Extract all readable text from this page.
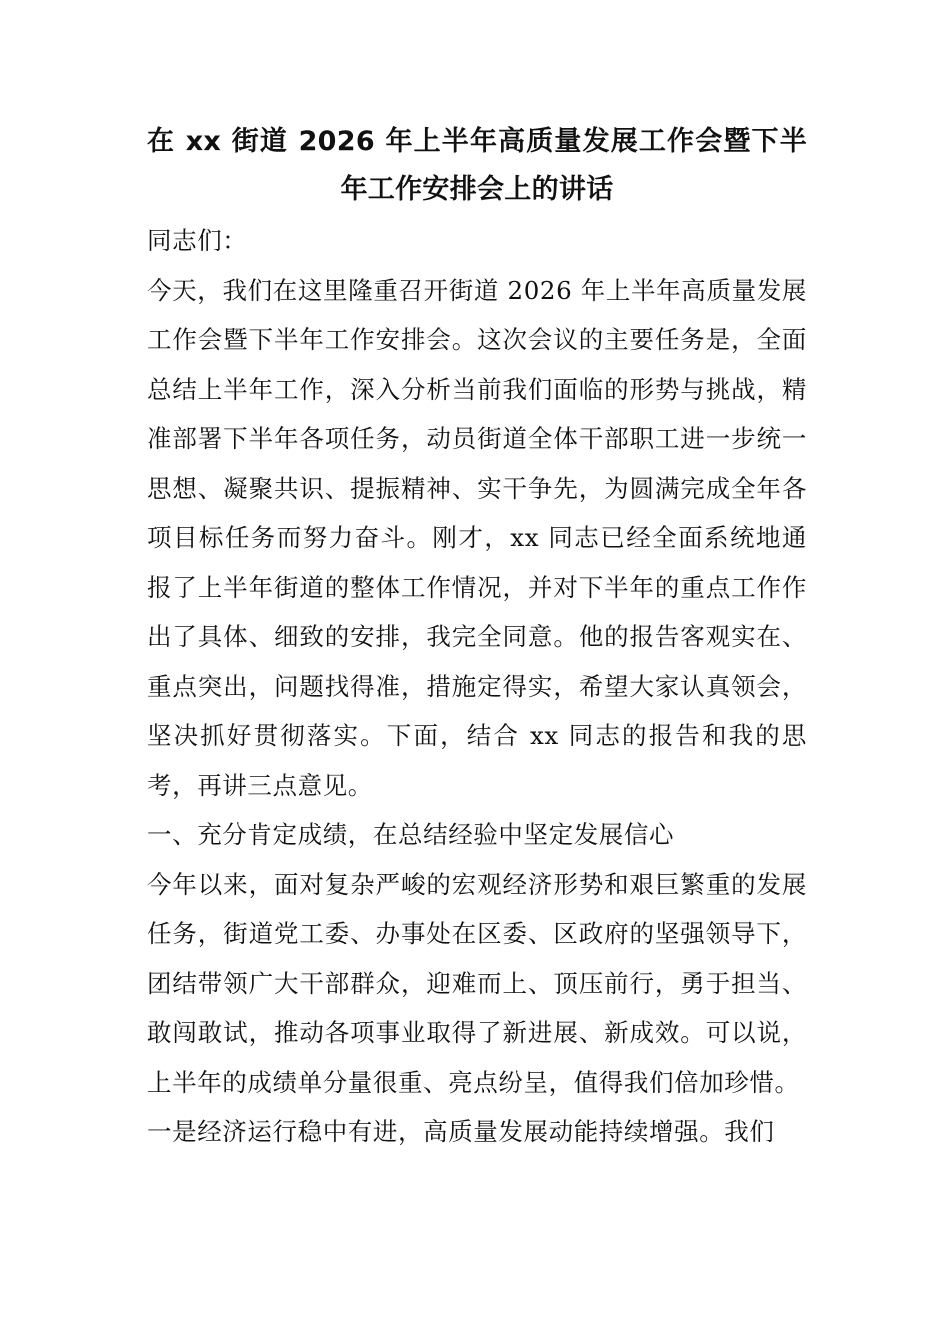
在 xx 街道 2026 年上半年高质量发展工作会暨下半年工作安排会上的讲话

同志们：

今天，我们在这里隆重召开街道 2026 年上半年高质量发展工作会暨下半年工作安排会。这次会议的主要任务是，全面总结上半年工作，深入分析当前我们面临的形势与挑战，精准部署下半年各项任务，动员街道全体干部职工进一步统一思想、凝聚共识、提振精神、实干争先，为圆满完成全年各项目标任务而努力奋斗。刚才，xx 同志已经全面系统地通报了上半年街道的整体工作情况，并对下半年的重点工作作出了具体、细致的安排，我完全同意。他的报告客观实在、重点突出，问题找得准，措施定得实，希望大家认真领会，坚决抓好贯彻落实。下面，结合 xx 同志的报告和我的思考，再讲三点意见。

一、充分肯定成绩，在总结经验中坚定发展信心

今年以来，面对复杂严峻的宏观经济形势和艰巨繁重的发展任务，街道党工委、办事处在区委、区政府的坚强领导下，团结带领广大干部群众，迎难而上、顶压前行，勇于担当、敢闯敢试，推动各项事业取得了新进展、新成效。可以说，上半年的成绩单分量很重、亮点纷呈，值得我们倍加珍惜。

一是经济运行稳中有进，高质量发展动能持续增强。我们
